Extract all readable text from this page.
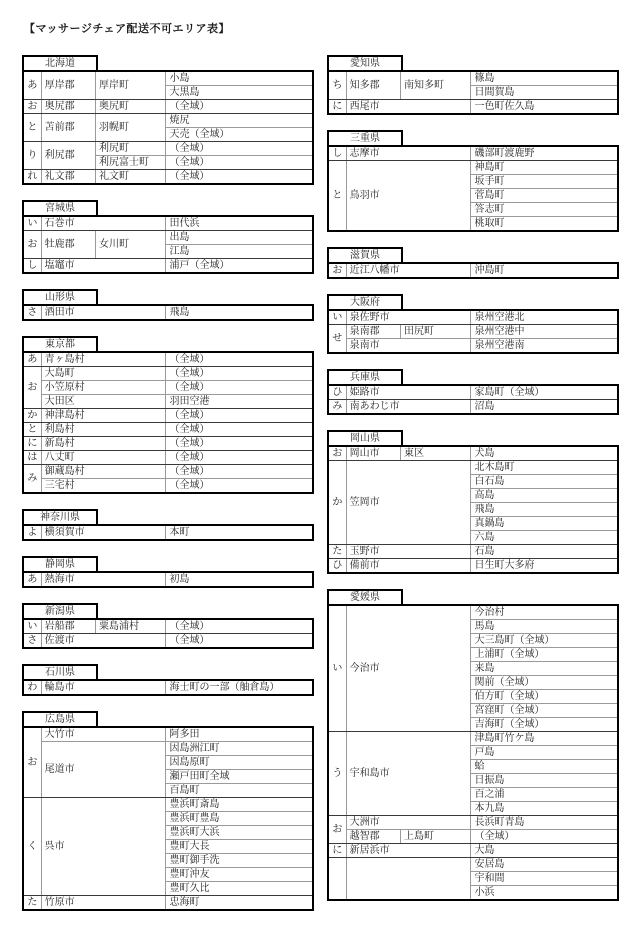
【マッサージチェア配送不可エリア表】
北海道
あ	厚岸郡	厚岸町	小島
			大黒島
お	奥尻郡	奥尻町	（全域）
と	苫前郡	羽幌町	焼尻
			天売（全域）
り	利尻郡	利尻町	（全域）
		利尻富士町	（全域）
れ	礼文郡	礼文町	（全域）
宮城県
い	石巻市		田代浜
お	牡鹿郡	女川町	出島
			江島
し	塩竈市		浦戸（全域）
山形県
さ	酒田市	飛島
東京都
あ	青ヶ島村	（全域）
お	大島町	（全域）
	小笠原村	（全域）
	大田区	羽田空港
か	神津島村	（全域）
と	利島村	（全域）
に	新島村	（全域）
は	八丈町	（全域）
み	御蔵島村	（全域）
	三宅村	（全域）
神奈川県
よ	横須賀市	本町
静岡県
あ	熱海市	初島
新潟県
い	岩船郡	粟島浦村	（全域）
さ	佐渡市		（全域）
石川県
わ	輪島市	海士町の一部（舳倉島）
広島県
お	大竹市	阿多田
	尾道市	因島洲江町
		因島原町
		瀬戸田町全域
		百島町
く	呉市	豊浜町斎島
		豊浜町豊島
		豊浜町大浜
		豊町大長
		豊町御手洗
		豊町沖友
		豊町久比
た	竹原市	忠海町
愛知県
ち	知多郡	南知多町	篠島
			日間賀島
に	西尾市		一色町佐久島
三重県
し	志摩市	磯部町渡鹿野
と	鳥羽市	神島町
		坂手町
		菅島町
		答志町
		桃取町
滋賀県
お	近江八幡市	沖島町
大阪府
い	泉佐野市		泉州空港北
せ	泉南郡	田尻町	泉州空港中
	泉南市		泉州空港南
兵庫県
ひ	姫路市	家島町（全域）
み	南あわじ市	沼島
岡山県
お	岡山市	東区	犬島
か	笠岡市		北木島町
			白石島
			高島
			飛島
			真鍋島
			六島
た	玉野市		石島
ひ	備前市		日生町大多府
愛媛県
い	今治市		今治村
			馬島
			大三島町（全域）
			上浦町（全域）
			来島
			関前（全域）
			伯方町（全域）
			宮窪町（全域）
			吉海町（全域）
う	宇和島市		津島町竹ケ島
			戸島
			蛤
			日振島
			百之浦
			本九島
お	大洲市		長浜町青島
	越智郡	上島町	（全域）
に	新居浜市		大島
			安居島
			宇和間
			小浜
